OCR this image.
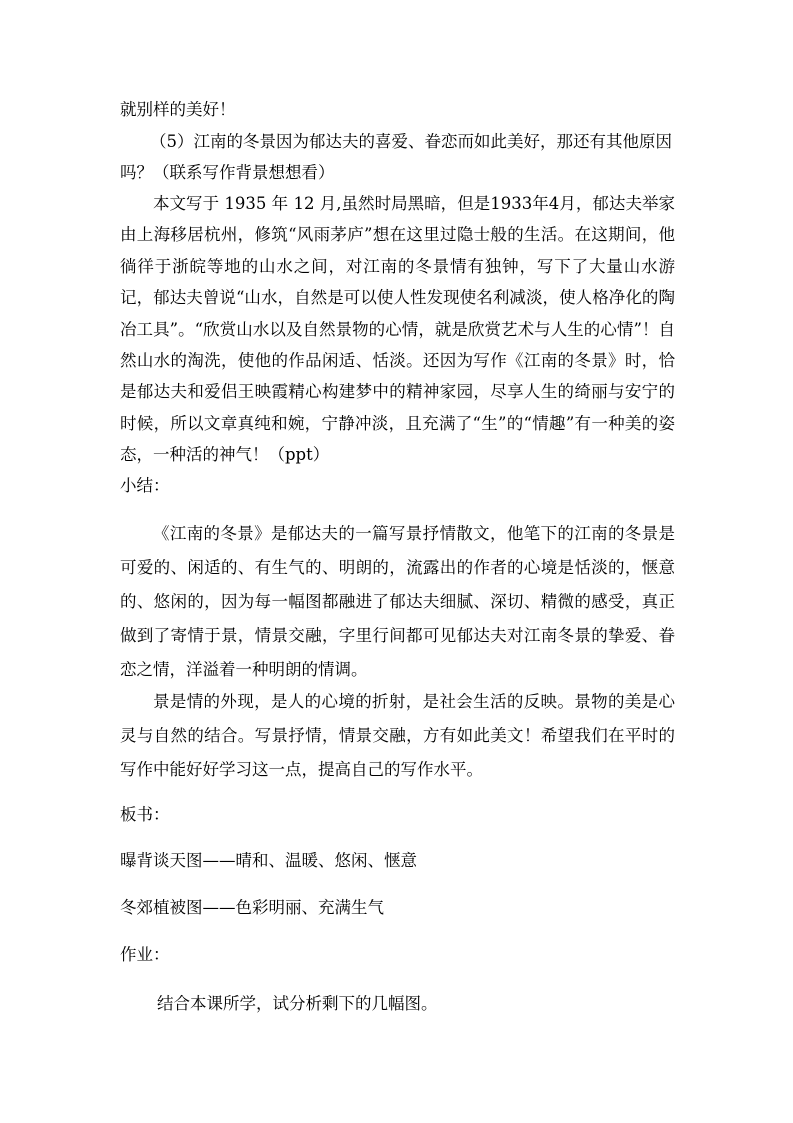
就别样的美好！
（5）江南的冬景因为郁达夫的喜爱、眷恋而如此美好，那还有其他原因
吗？（联系写作背景想想看）
本文写于 1935 年 12 月,虽然时局黑暗，但是1933年4月，郁达夫举家由上海移居杭州，修筑“风雨茅庐”想在这里过隐士般的生活。在这期间，他徜徉于浙皖等地的山水之间，对江南的冬景情有独钟，写下了大量山水游记，郁达夫曾说“山水，自然是可以使人性发现使名利减淡，使人格净化的陶冶工具”。“欣赏山水以及自然景物的心情，就是欣赏艺术与人生的心情”！自然山水的淘洗，使他的作品闲适、恬淡。还因为写作《江南的冬景》时，恰是郁达夫和爱侣王映霞精心构建梦中的精神家园，尽享人生的绮丽与安宁的时候，所以文章真纯和婉，宁静冲淡，且充满了“生”的“情趣”有一种美的姿态，一种活的神气！（ppt）
小结：
《江南的冬景》是郁达夫的一篇写景抒情散文，他笔下的江南的冬景是可爱的、闲适的、有生气的、明朗的，流露出的作者的心境是恬淡的，惬意的、悠闲的，因为每一幅图都融进了郁达夫细腻、深切、精微的感受，真正做到了寄情于景，情景交融，字里行间都可见郁达夫对江南冬景的挚爱、眷恋之情，洋溢着一种明朗的情调。
景是情的外现，是人的心境的折射，是社会生活的反映。景物的美是心灵与自然的结合。写景抒情，情景交融，方有如此美文！希望我们在平时的写作中能好好学习这一点，提高自己的写作水平。
板书：
曝背谈天图——晴和、温暖、悠闲、惬意
冬郊植被图——色彩明丽、充满生气
作业：
结合本课所学，试分析剩下的几幅图。
